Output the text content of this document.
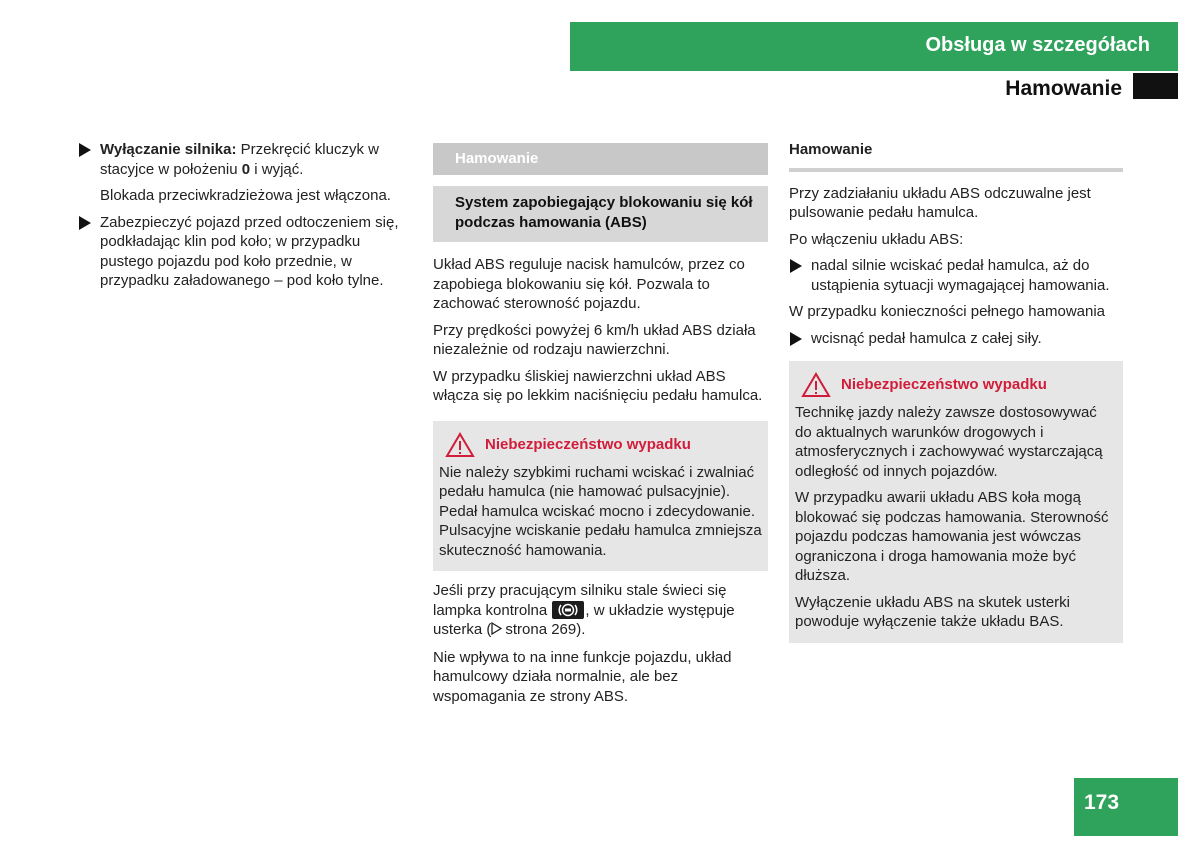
Obsługa w szczegółach
Hamowanie
Wyłączanie silnika: Przekręcić kluczyk w stacyjce w położeniu 0 i wyjąć.

Blokada przeciwkradzieżowa jest włączona.

Zabezpieczyć pojazd przed odtoczeniem się, podkładając klin pod koło; w przypadku pustego pojazdu pod koło przednie, w przypadku załadowanego – pod koło tylne.
Hamowanie
System zapobiegający blokowaniu się kół podczas hamowania (ABS)

Układ ABS reguluje nacisk hamulców, przez co zapobiega blokowaniu się kół. Pozwala to zachować sterowność pojazdu.

Przy prędkości powyżej 6 km/h układ ABS działa niezależnie od rodzaju nawierzchni.

W przypadku śliskiej nawierzchni układ ABS włącza się po lekkim naciśnięciu pedału hamulca.

Niebezpieczeństwo wypadku

Nie należy szybkimi ruchami wciskać i zwalniać pedału hamulca (nie hamować pulsacyjnie). Pedał hamulca wciskać mocno i zdecydowanie. Pulsacyjne wciskanie pedału hamulca zmniejsza skuteczność hamowania.

Jeśli przy pracującym silniku stale świeci się lampka kontrolna
, w układzie występuje usterka ( strona 269).

Nie wpływa to na inne funkcje pojazdu, układ hamulcowy działa normalnie, ale bez wspomagania ze strony ABS.

Hamowanie

Przy zadziałaniu układu ABS odczuwalne jest pulsowanie pedału hamulca.

Po włączeniu układu ABS:

nadal silnie wciskać pedał hamulca, aż do ustąpienia sytuacji wymagającej hamowania.

W przypadku konieczności pełnego hamowania

wcisnąć pedał hamulca z całej siły.
Niebezpieczeństwo wypadku

Technikę jazdy należy zawsze dostosowywać do aktualnych warunków drogowych i atmosferycznych i zachowywać wystarczającą odległość od innych pojazdów.

W przypadku awarii układu ABS koła mogą blokować się podczas hamowania. Sterowność pojazdu podczas hamowania jest wówczas ograniczona i droga hamowania może być dłuższa.

Wyłączenie układu ABS na skutek usterki powoduje wyłączenie także układu BAS.

173
